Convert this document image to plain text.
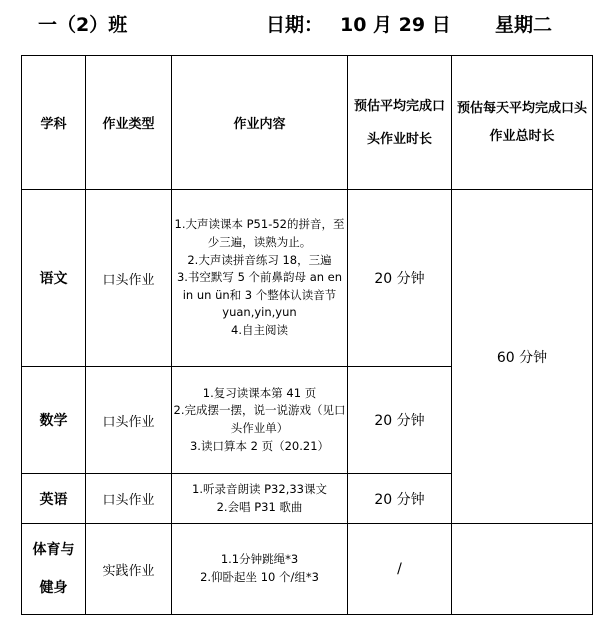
一（2）班	日期： 10 月 29 日 星期二
学科	作业类型	作业内容	预估平均完成口头作业时长	预估每天平均完成口头作业总时长
语文	口头作业	1.大声读课本 P51-52的拼音，至少三遍，读熟为止。
2.大声读拼音练习 18，三遍
3.书空默写 5 个前鼻韵母 an en in un ün和 3 个整体认读音节 yuan,yin,yun
4.自主阅读	20 分钟	60 分钟
数学	口头作业	1.复习读课本第 41 页
2.完成摆一摆，说一说游戏（见口头作业单）
3.读口算本 2 页（20.21）	20 分钟	
英语	口头作业	1.听录音朗读 P32,33课文
2.会唱 P31 歌曲	20 分钟	
体育与健身	实践作业	1.1分钟跳绳*3
2.仰卧起坐 10 个/组*3	/	
